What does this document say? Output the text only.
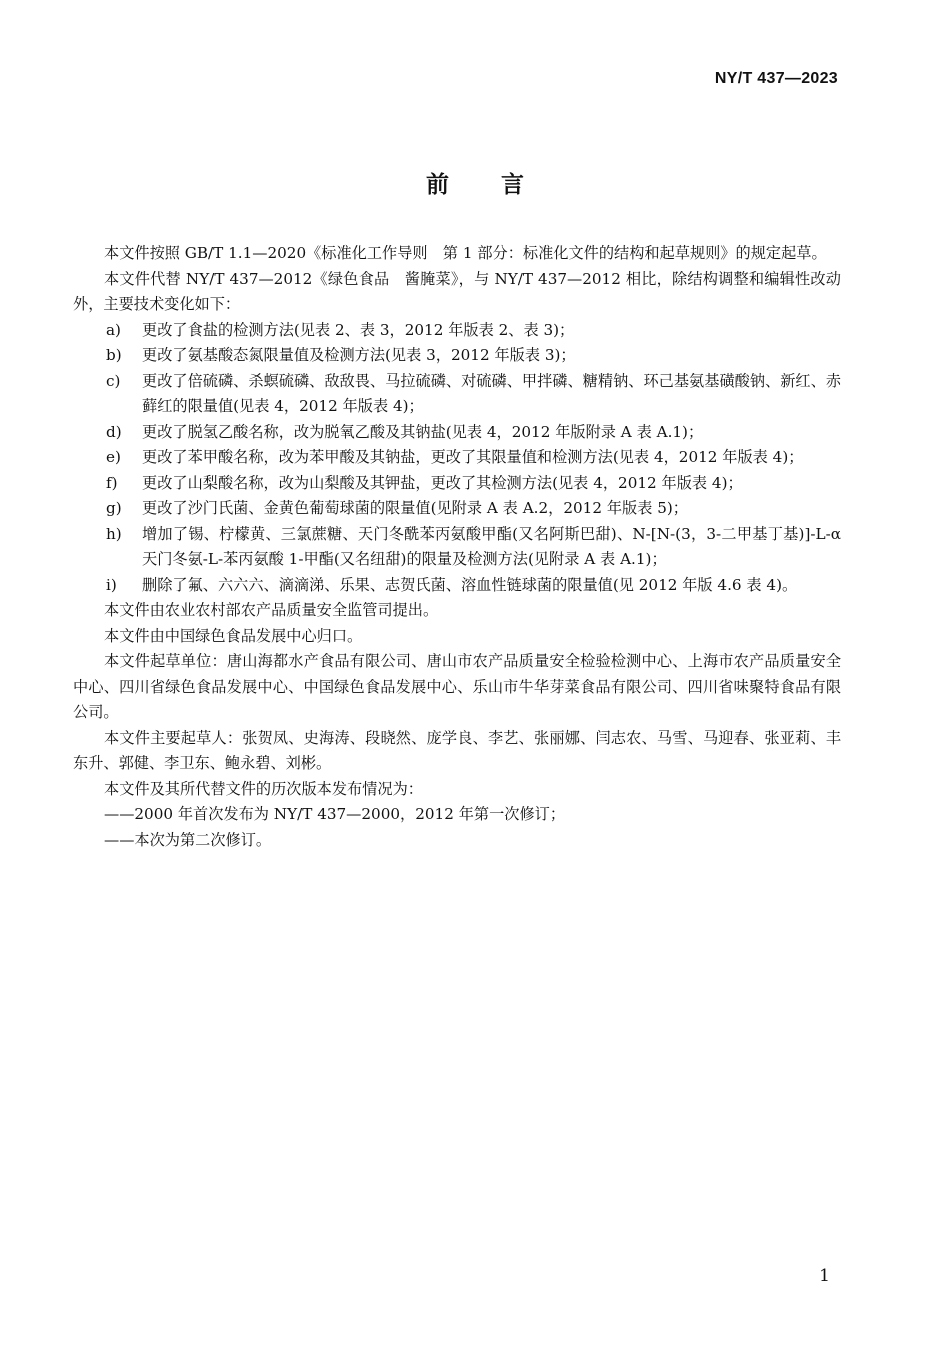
NY/T 437—2023
前言

本文件按照 GB/T 1.1—2020《标准化工作导则　第 1 部分：标准化文件的结构和起草规则》的规定起草。

本文件代替 NY/T 437—2012《绿色食品　酱腌菜》，与 NY/T 437—2012 相比，除结构调整和编辑性改动外，主要技术变化如下：

a) 更改了食盐的检测方法(见表 2、表 3，2012 年版表 2、表 3)；

b) 更改了氨基酸态氮限量值及检测方法(见表 3，2012 年版表 3)；

c) 更改了倍硫磷、杀螟硫磷、敌敌畏、马拉硫磷、对硫磷、甲拌磷、糖精钠、环己基氨基磺酸钠、新红、赤藓红的限量值(见表 4，2012 年版表 4)；

d) 更改了脱氢乙酸名称，改为脱氧乙酸及其钠盐(见表 4，2012 年版附录 A 表 A.1)；

e) 更改了苯甲酸名称，改为苯甲酸及其钠盐，更改了其限量值和检测方法(见表 4，2012 年版表 4)；

f) 更改了山梨酸名称，改为山梨酸及其钾盐，更改了其检测方法(见表 4，2012 年版表 4)；

g) 更改了沙门氏菌、金黄色葡萄球菌的限量值(见附录 A 表 A.2，2012 年版表 5)；

h) 增加了锡、柠檬黄、三氯蔗糖、天门冬酰苯丙氨酸甲酯(又名阿斯巴甜)、N-[N-(3，3-二甲基丁基)]-L-α 天门冬氨-L-苯丙氨酸 1-甲酯(又名纽甜)的限量及检测方法(见附录 A 表 A.1)；

i) 删除了氟、六六六、滴滴涕、乐果、志贺氏菌、溶血性链球菌的限量值(见 2012 年版 4.6 表 4)。

本文件由农业农村部农产品质量安全监管司提出。

本文件由中国绿色食品发展中心归口。

本文件起草单位：唐山海都水产食品有限公司、唐山市农产品质量安全检验检测中心、上海市农产品质量安全中心、四川省绿色食品发展中心、中国绿色食品发展中心、乐山市牛华芽菜食品有限公司、四川省味聚特食品有限公司。

本文件主要起草人：张贺凤、史海涛、段晓然、庞学良、李艺、张丽娜、闫志农、马雪、马迎春、张亚莉、丰东升、郭健、李卫东、鲍永碧、刘彬。

本文件及其所代替文件的历次版本发布情况为：

——2000 年首次发布为 NY/T 437—2000，2012 年第一次修订；

——本次为第二次修订。

1
